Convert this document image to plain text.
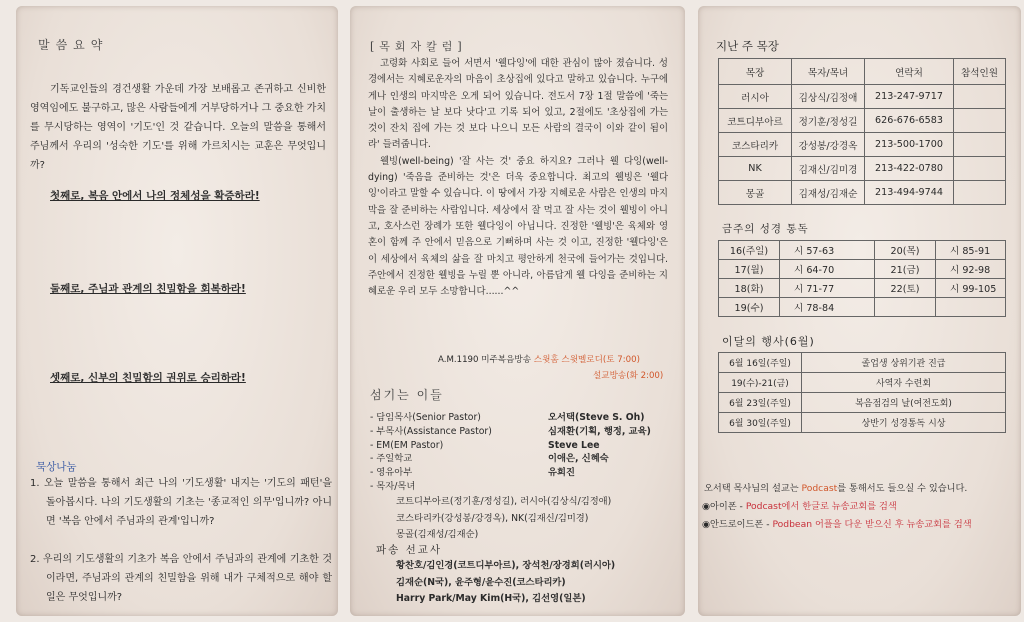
말씀요약
기독교인들의 경건생활 가운데 가장 보배롭고 존귀하고 신비한 영역임에도 불구하고, 많은 사람들에게 거부당하거나 그 중요한 가치를 무시당하는 영역이 '기도'인 것 같습니다. 오늘의 말씀을 통해서 주님께서 우리의 '성숙한 기도'를 위해 가르치시는 교훈은 무엇입니까?
첫째로, 복음 안에서 나의 정체성을 확증하라!
둘째로, 주님과 관계의 친밀함을 회복하라!
셋째로, 신부의 친밀함의 권위로 승리하라!
묵상나눔
1. 오늘 말씀을 통해서 최근 나의 '기도생활' 내지는 '기도의 패턴'을 돌아봅시다. 나의 기도생활의 기초는 '종교적인 의무'입니까? 아니면 '복음 안에서 주님과의 관계'입니까?
2. 우리의 기도생활의 기초가 복음 안에서 주님과의 관계에 기초한 것이라면, 주님과의 관계의 친밀함을 위해 내가 구체적으로 해야 할 일은 무엇입니까?
[목회자칼럼]

고령화 사회로 들어 서면서 '웰다잉'에 대한 관심이 많아 졌습니다. 성경에서는 지혜로운자의 마음이 초상집에 있다고 말하고 있습니다. 누구에게나 인생의 마지막은 오게 되어 있습니다. 전도서 7장 1절 말씀에 '죽는 날이 출생하는 날 보다 낫다'고 기록 되어 있고, 2절에도 '초상집에 가는 것이 잔치 집에 가는 것 보다 나으니 모든 사람의 결국이 이와 같이 됨이라' 들려줍니다.

웰빙(well-being) '잘 사는 것' 중요 하지요? 그러나 웰 다잉(well-dying) '죽음을 준비하는 것'은 더욱 중요합니다. 최고의 웰빙은 '웰다잉'이라고 말할 수 있습니다. 이 땅에서 가장 지혜로운 사람은 인생의 마지막을 잘 준비하는 사람입니다. 세상에서 잘 먹고 잘 사는 것이 웰빙이 아니고, 호사스런 장례가 또한 웰다잉이 아닙니다. 진정한 '웰빙'은 육체와 영혼이 함께 주 안에서 믿음으로 기뻐하며 사는 것 이고, 진정한 '웰다잉'은 이 세상에서 육체의 삶을 잘 마치고 평안하게 천국에 들어가는 것입니다. 주안에서 진정한 웰빙을 누릴 뿐 아니라, 아름답게 웰 다잉을 준비하는 지혜로운 우리 모두 소망합니다......^^

A.M.1190 미주복음방송 스윗홈 스윗멜로디(토 7:00)
설교방송(화 2:00)
섬기는 이들
- 담임목사(Senior Pastor)	오서택(Steve S. Oh)
- 부목사(Assistance Pastor)	심재환(기획, 행정, 교육)
- EM(EM Pastor)	Steve Lee
- 주일학교	이애은, 신혜숙
- 영유아부	유희진
- 목자/목녀
코트디부아르(정기훈/정성길), 러시아(김상식/김정애)
코스타리카(강성봉/강경옥), NK(김재신/김미경)
몽골(김재성/김재순)
파송 선교사
황찬호/김인경(코트디부아르), 장석천/장경희(러시아)
김재순(N국), 윤주형/윤수진(코스타리카)
Harry Park/May Kim(H국), 김선영(일본)
지난 주 목장
목장	목자/목녀	연락처	참석인원
러시아	김상식/김정애	213-247-9717	
코트디부아르	정기훈/정성길	626-676-6583	
코스타리카	강성봉/강경옥	213-500-1700	
NK	김재신/김미경	213-422-0780	
몽골	김재성/김재순	213-494-9744	
금주의 성경 통독
16(주일)	시 57-63	20(목)	시 85-91
17(월)	시 64-70	21(금)	시 92-98
18(화)	시 71-77	22(토)	시 99-105
19(수)	시 78-84		
이달의 행사(6월)
6월 16일(주일)	졸업생 상위기관 진급
19(수)-21(금)	사역자 수련회
6월 23일(주일)	복음점검의 날(여전도회)
6월 30일(주일)	상반기 성경통독 시상
오서택 목사님의 설교는 Podcast를 통해서도 들으실 수 있습니다.
◉아이폰 - Podcast에서 한글로 뉴송교회를 검색
◉안드로이드폰 - Podbean 어플을 다운 받으신 후 뉴송교회를 검색
